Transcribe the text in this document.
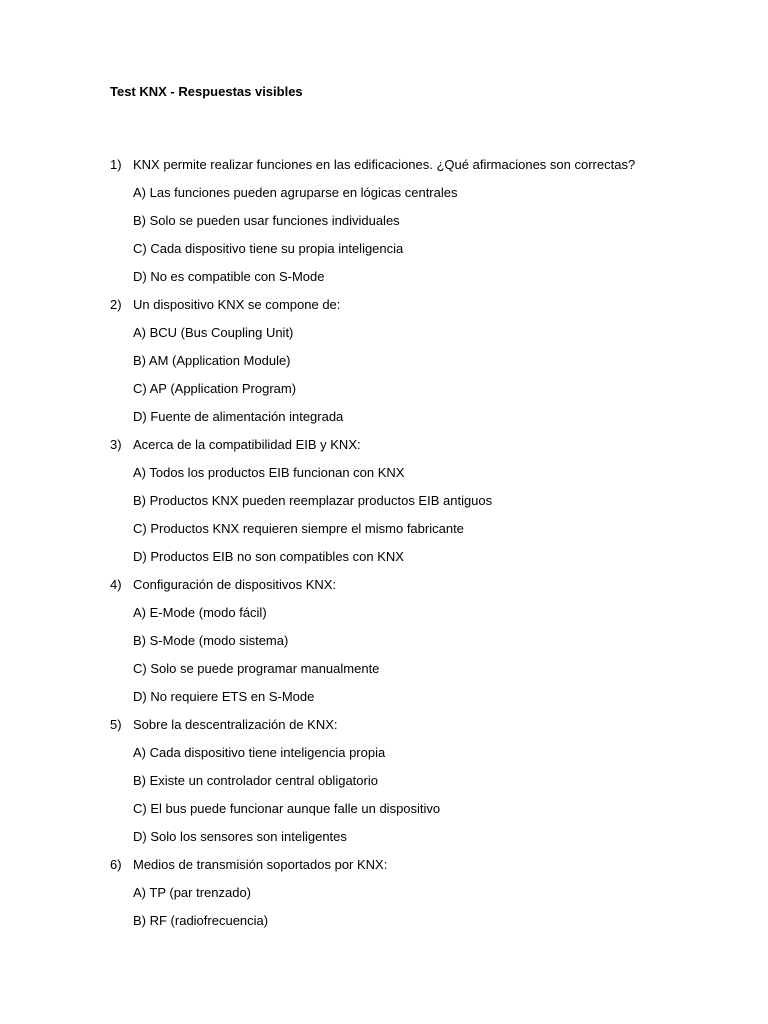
Test KNX - Respuestas visibles
1) KNX permite realizar funciones en las edificaciones. ¿Qué afirmaciones son correctas?
A) Las funciones pueden agruparse en lógicas centrales
B) Solo se pueden usar funciones individuales
C) Cada dispositivo tiene su propia inteligencia
D) No es compatible con S-Mode
2) Un dispositivo KNX se compone de:
A) BCU (Bus Coupling Unit)
B) AM (Application Module)
C) AP (Application Program)
D) Fuente de alimentación integrada
3) Acerca de la compatibilidad EIB y KNX:
A) Todos los productos EIB funcionan con KNX
B) Productos KNX pueden reemplazar productos EIB antiguos
C) Productos KNX requieren siempre el mismo fabricante
D) Productos EIB no son compatibles con KNX
4) Configuración de dispositivos KNX:
A) E-Mode (modo fácil)
B) S-Mode (modo sistema)
C) Solo se puede programar manualmente
D) No requiere ETS en S-Mode
5) Sobre la descentralización de KNX:
A) Cada dispositivo tiene inteligencia propia
B) Existe un controlador central obligatorio
C) El bus puede funcionar aunque falle un dispositivo
D) Solo los sensores son inteligentes
6) Medios de transmisión soportados por KNX:
A) TP (par trenzado)
B) RF (radiofrecuencia)
